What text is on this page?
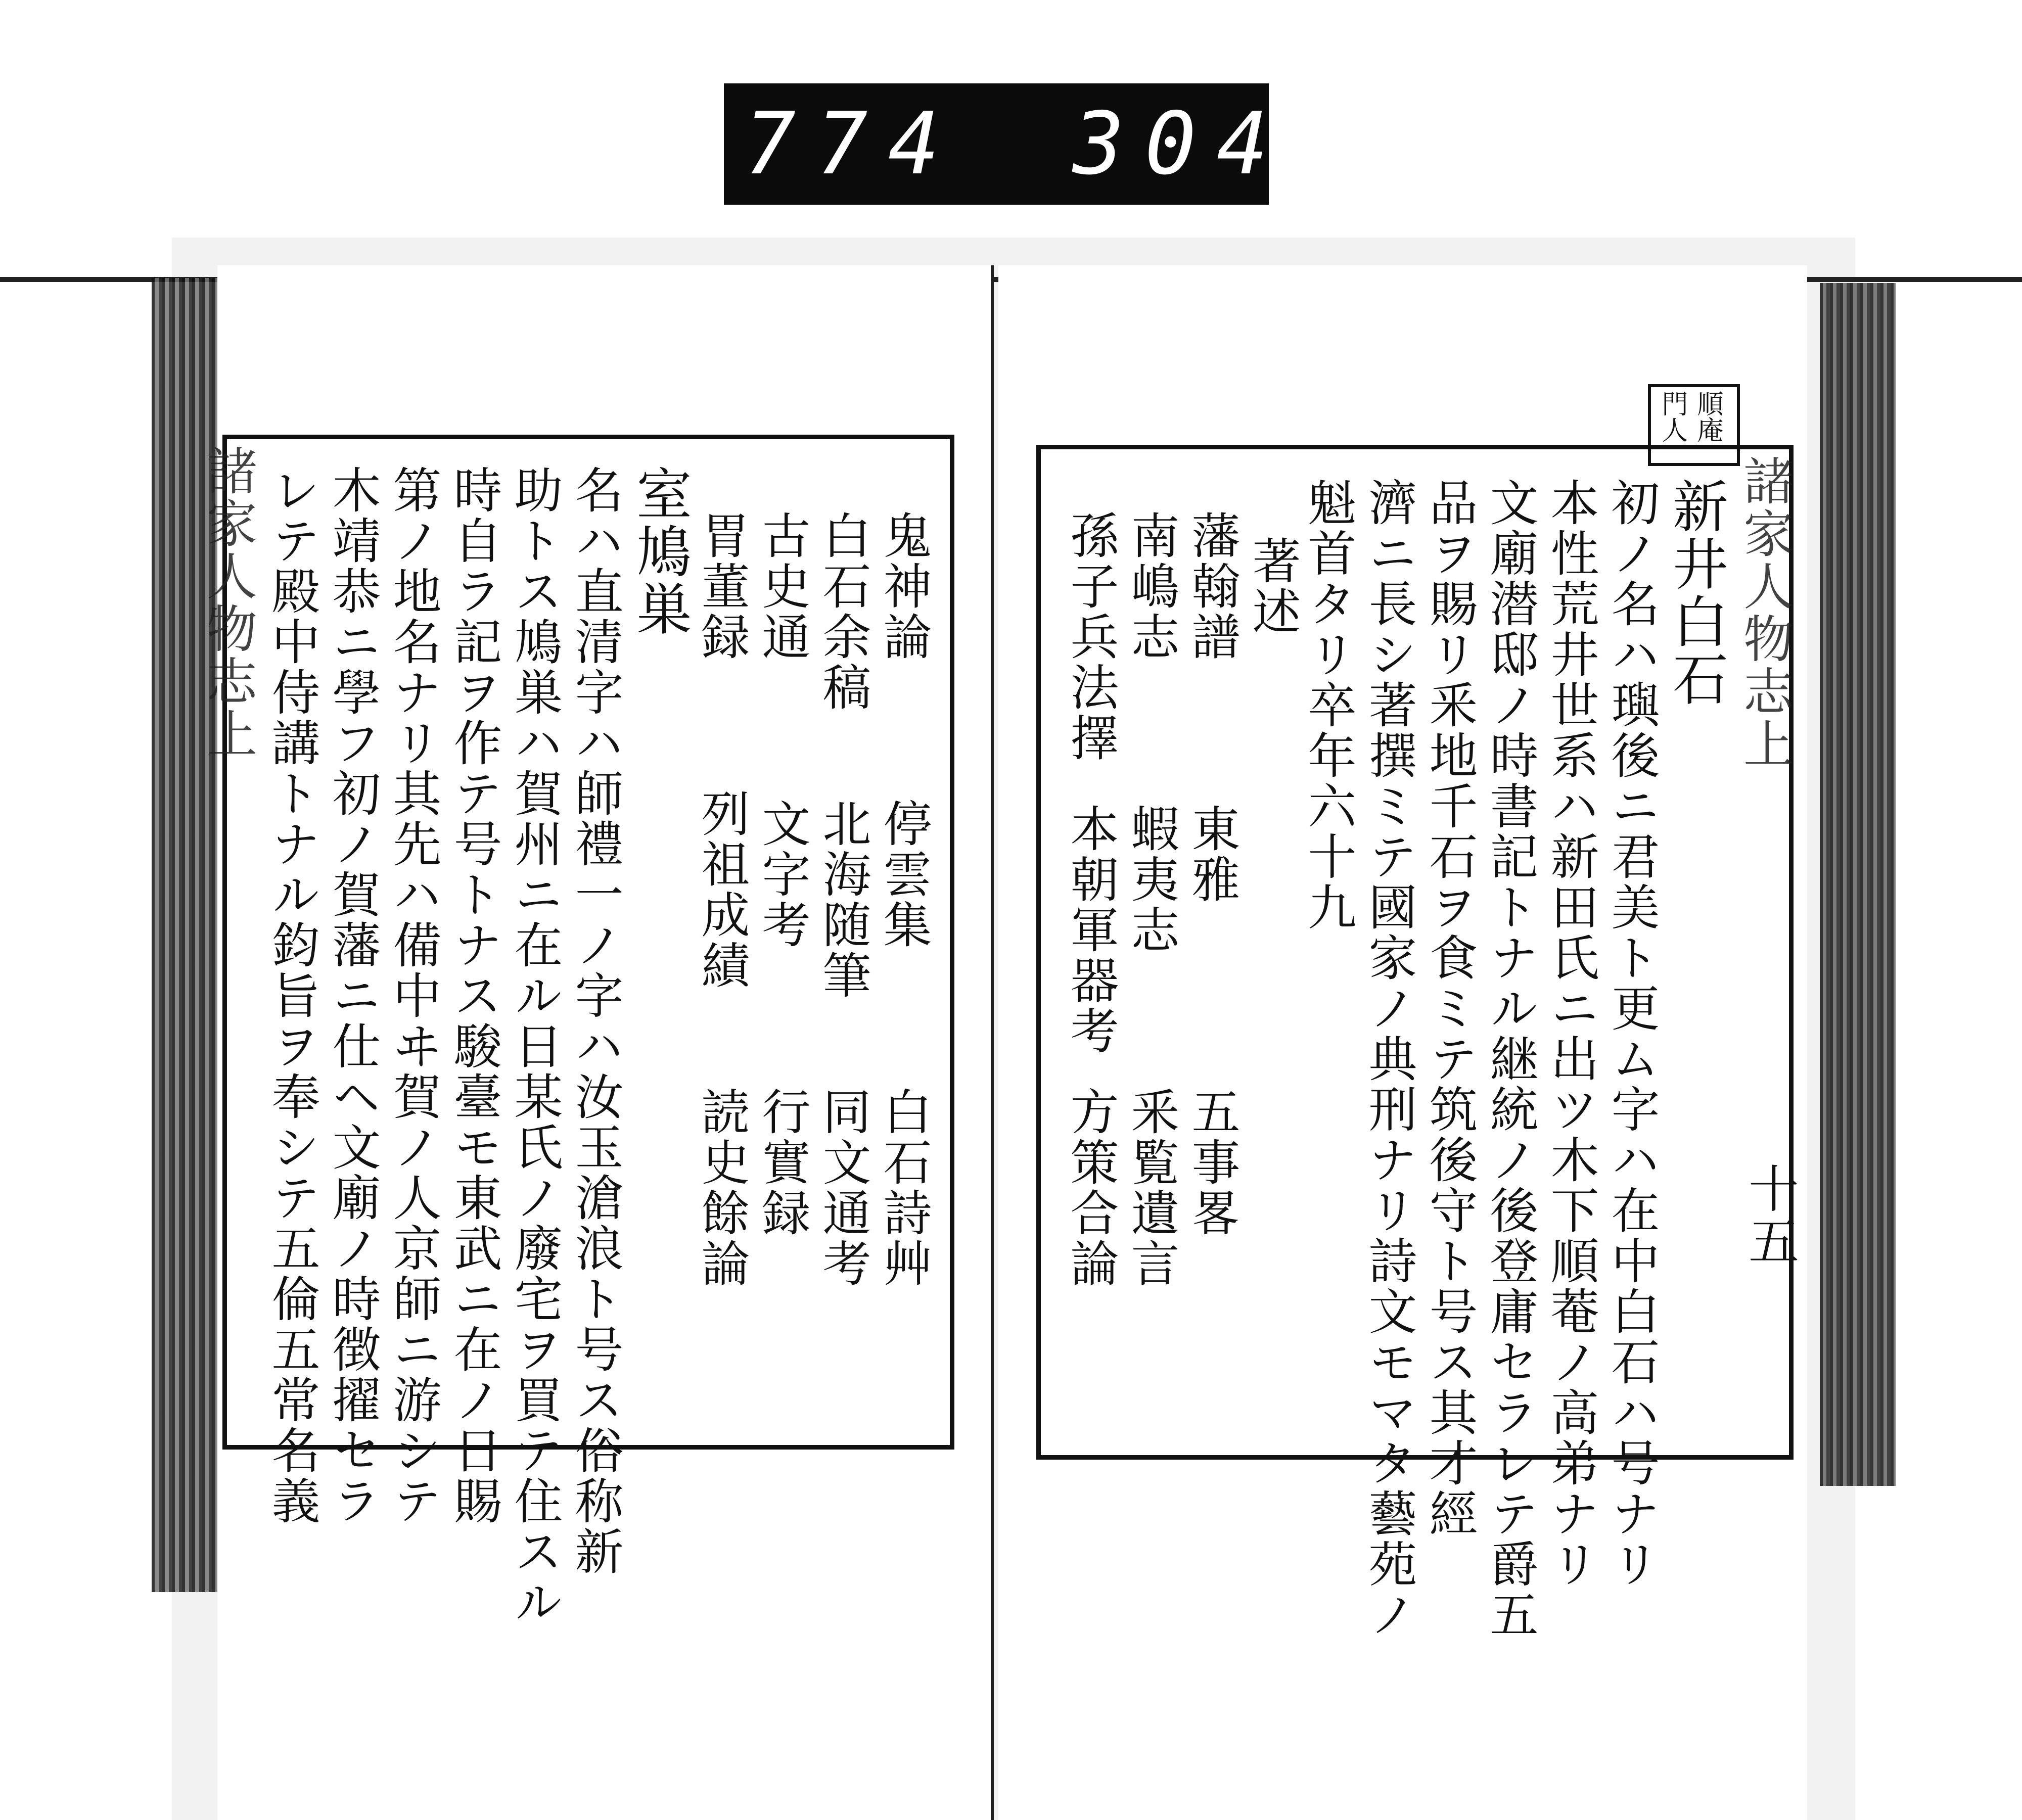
774 304.
諸家人物志上
十五
順庵
門人
新井白石
初ノ名ハ璵後ニ君美ト更ム字ハ在中白石ハ号ナリ
本性荒井世系ハ新田氏ニ出ツ木下順菴ノ高弟ナリ
文廟潜邸ノ時書記トナル継統ノ後登庸セラレテ爵五
品ヲ賜リ釆地千石ヲ食ミテ筑後守ト号ス其才經
濟ニ長シ著撰ミテ國家ノ典刑ナリ詩文モマタ藝苑ノ
魁首タリ卒年六十九
著述
藩翰譜
東雅
五事畧
南嶋志
蝦夷志
釆覧遺言
孫子兵法擇
本朝軍器考
方策合論
諸家人物志上	鬼神論
停雲集
白石詩艸
白石余稿
北海随筆
同文通考
古史通
文字考
行實録
胃董録
列祖成績
読史餘論
室鳩巣
名ハ直清字ハ師禮一ノ字ハ汝玉滄浪ト号ス俗称新
助トス鳩巣ハ賀州ニ在ル日某氏ノ廢宅ヲ買テ住スル
時自ラ記ヲ作テ号トナス駿臺モ東武ニ在ノ日賜
第ノ地名ナリ其先ハ備中ヰ賀ノ人京師ニ游シテ
木靖恭ニ學フ初ノ賀藩ニ仕ヘ文廟ノ時徴擢セラ
レテ殿中侍講トナル鈞旨ヲ奉シテ五倫五常名義
